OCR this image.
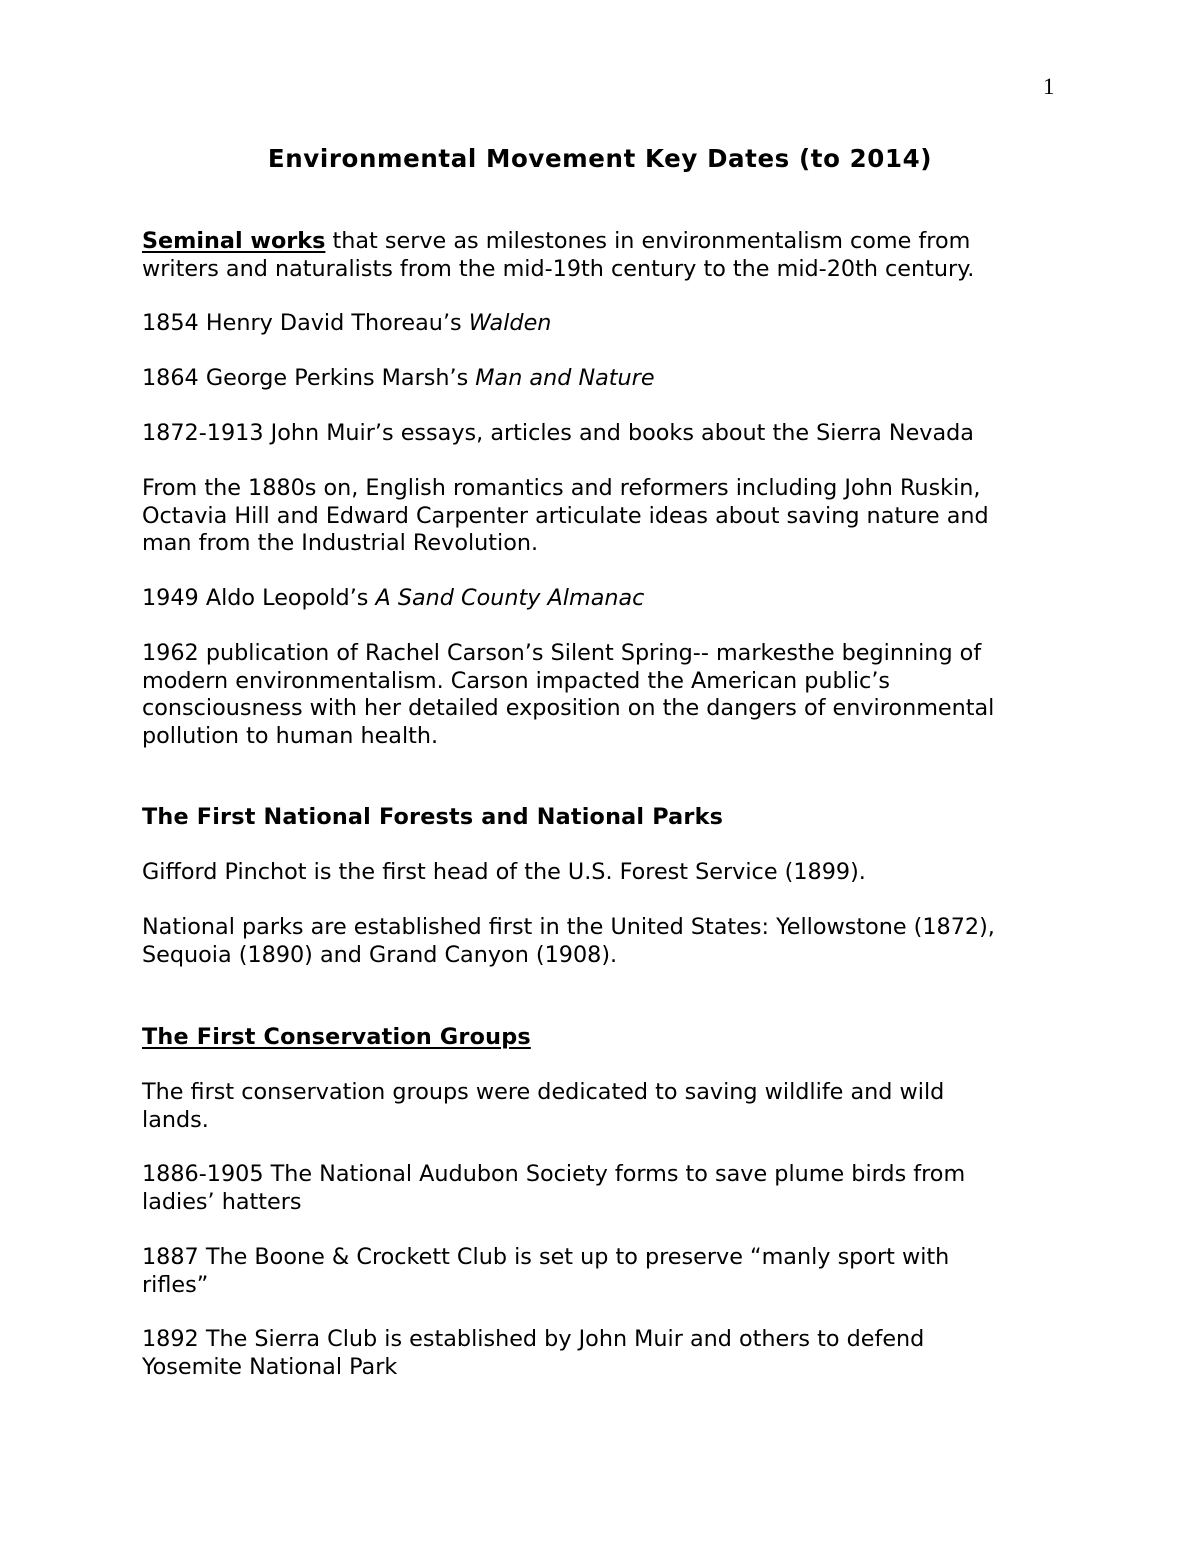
1
Environmental Movement Key Dates (to 2014)
Seminal works that serve as milestones in environmentalism come from
writers and naturalists from the mid-19th century to the mid-20th century.
1854 Henry David Thoreau’s Walden
1864 George Perkins Marsh’s Man and Nature
1872-1913 John Muir’s essays, articles and books about the Sierra Nevada
From the 1880s on, English romantics and reformers including John Ruskin,
Octavia Hill and Edward Carpenter articulate ideas about saving nature and
man from the Industrial Revolution.
1949 Aldo Leopold’s A Sand County Almanac
1962 publication of Rachel Carson’s Silent Spring-- markesthe beginning of
modern environmentalism. Carson impacted the American public’s
consciousness with her detailed exposition on the dangers of environmental
pollution to human health.
The First National Forests and National Parks
Gifford Pinchot is the first head of the U.S. Forest Service (1899).
National parks are established first in the United States: Yellowstone (1872),
Sequoia (1890) and Grand Canyon (1908).
The First Conservation Groups
The first conservation groups were dedicated to saving wildlife and wild
lands.
1886-1905 The National Audubon Society forms to save plume birds from
ladies’ hatters
1887 The Boone & Crockett Club is set up to preserve “manly sport with
rifles”
1892 The Sierra Club is established by John Muir and others to defend
Yosemite National Park
